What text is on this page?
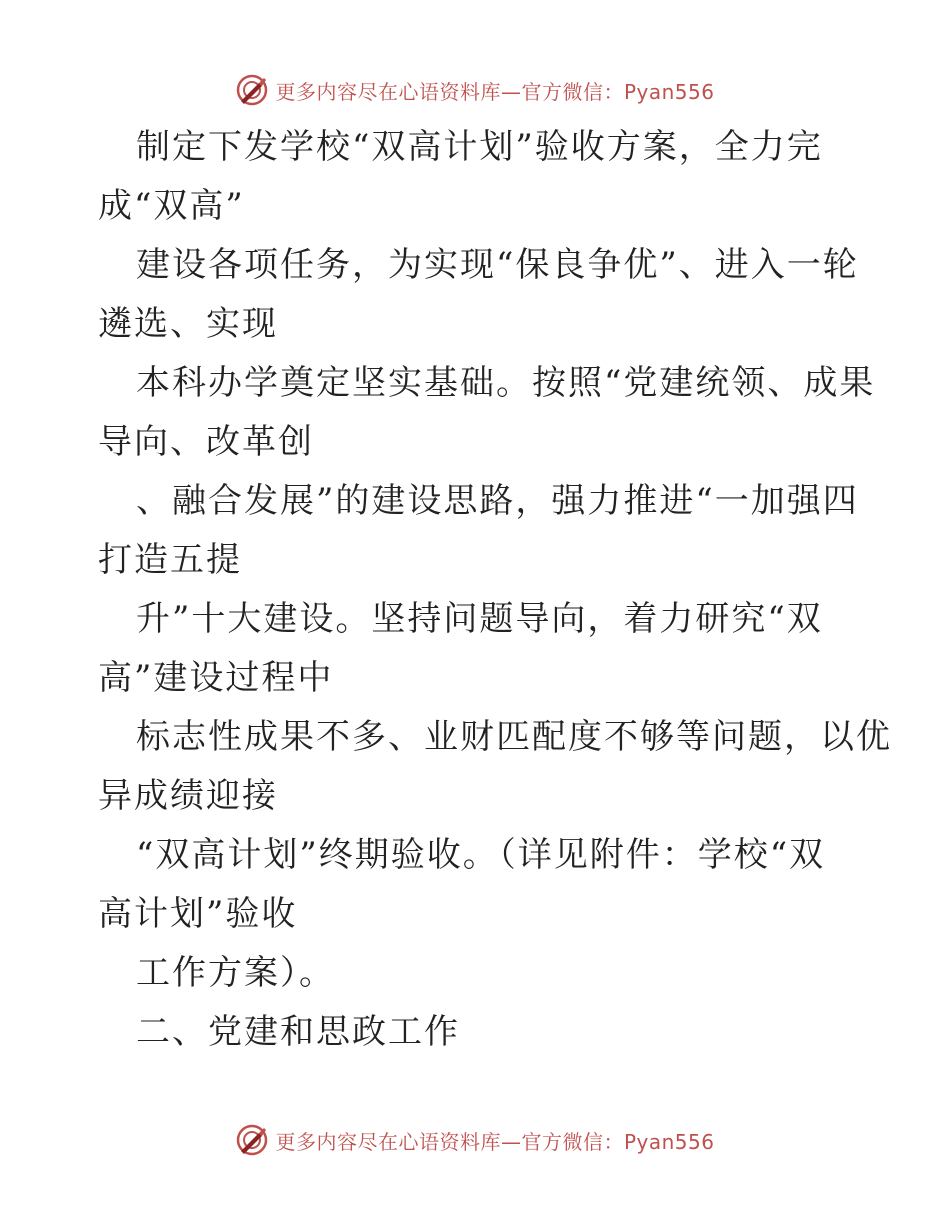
更多内容尽在心语资料库—官方微信：Pyan556

制定下发学校“双高计划”验收方案，全力完
成“双高”

建设各项任务，为实现“保良争优”、进入一轮
遴选、实现

本科办学奠定坚实基础。按照“党建统领、成果
导向、改革创

、融合发展”的建设思路，强力推进“一加强四
打造五提

升”十大建设。坚持问题导向，着力研究“双
高”建设过程中

标志性成果不多、业财匹配度不够等问题，以优
异成绩迎接

“双高计划”终期验收。（详见附件：学校“双
高计划”验收

工作方案）。

二、党建和思政工作

更多内容尽在心语资料库—官方微信：Pyan556
